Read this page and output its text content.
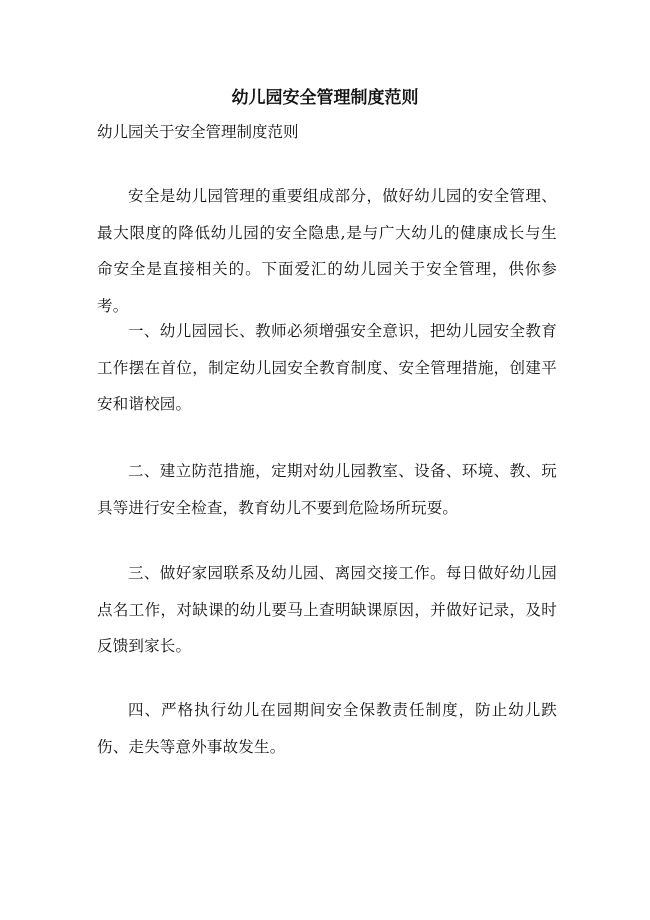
幼儿园安全管理制度范则
幼儿园关于安全管理制度范则

安全是幼儿园管理的重要组成部分，做好幼儿园的安全管理、最大限度的降低幼儿园的安全隐患,是与广大幼儿的健康成长与生命安全是直接相关的。下面爱汇的幼儿园关于安全管理，供你参考。

一、幼儿园园长、教师必须增强安全意识，把幼儿园安全教育工作摆在首位，制定幼儿园安全教育制度、安全管理措施，创建平安和谐校园。

二、建立防范措施，定期对幼儿园教室、设备、环境、教、玩具等进行安全检查，教育幼儿不要到危险场所玩耍。

三、做好家园联系及幼儿园、离园交接工作。每日做好幼儿园点名工作，对缺课的幼儿要马上查明缺课原因，并做好记录，及时反馈到家长。

四、严格执行幼儿在园期间安全保教责任制度，防止幼儿跌伤、走失等意外事故发生。
